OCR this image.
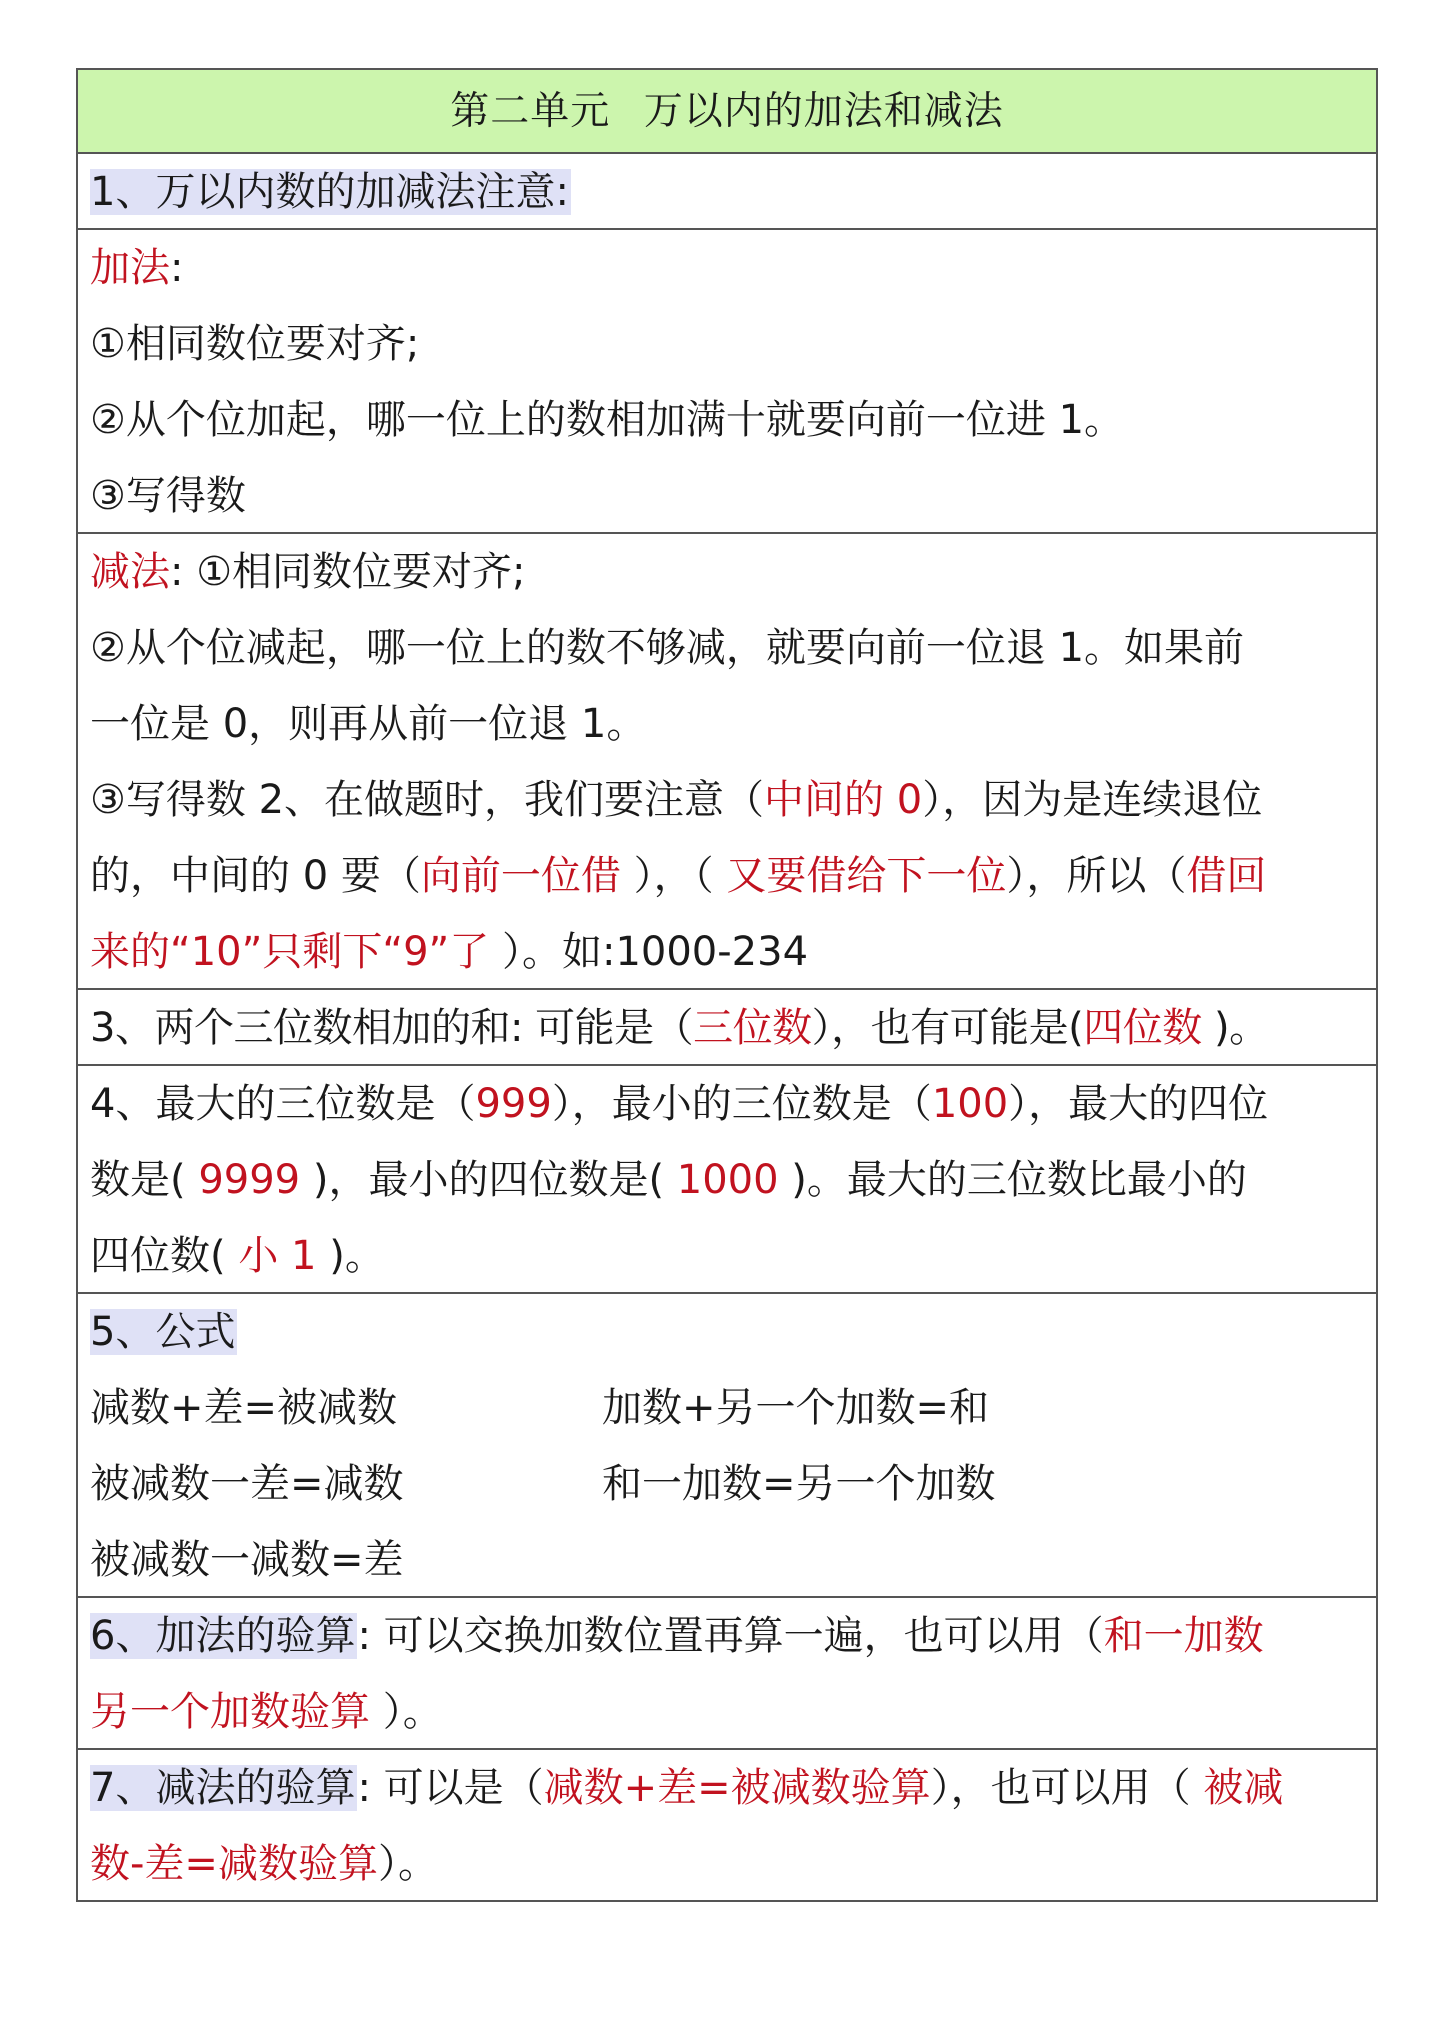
第二单元 万以内的加法和减法
1、万以内数的加减法注意:
加法:
①相同数位要对齐;
②从个位加起，哪一位上的数相加满十就要向前一位进 1。
③写得数
减法: ①相同数位要对齐;
②从个位减起，哪一位上的数不够减，就要向前一位退 1。如果前
一位是 0，则再从前一位退 1。
③写得数 2、在做题时，我们要注意（中间的 0），因为是连续退位
的，中间的 0 要（向前一位借 ），（ 又要借给下一位），所以（借回
来的“10”只剩下“9”了 ）。如:1000-234
3、两个三位数相加的和: 可能是（三位数），也有可能是(四位数 )。
4、最大的三位数是（999），最小的三位数是（100），最大的四位
数是( 9999 )，最小的四位数是( 1000 )。最大的三位数比最小的
四位数( 小 1 )。
5、公式
减数+差=被减数	加数+另一个加数=和
被减数一差=减数	和一加数=另一个加数
被减数一减数=差
6、加法的验算: 可以交换加数位置再算一遍，也可以用（和一加数
另一个加数验算 ）。
7、减法的验算: 可以是（减数+差=被减数验算），也可以用（ 被减
数-差=减数验算）。
